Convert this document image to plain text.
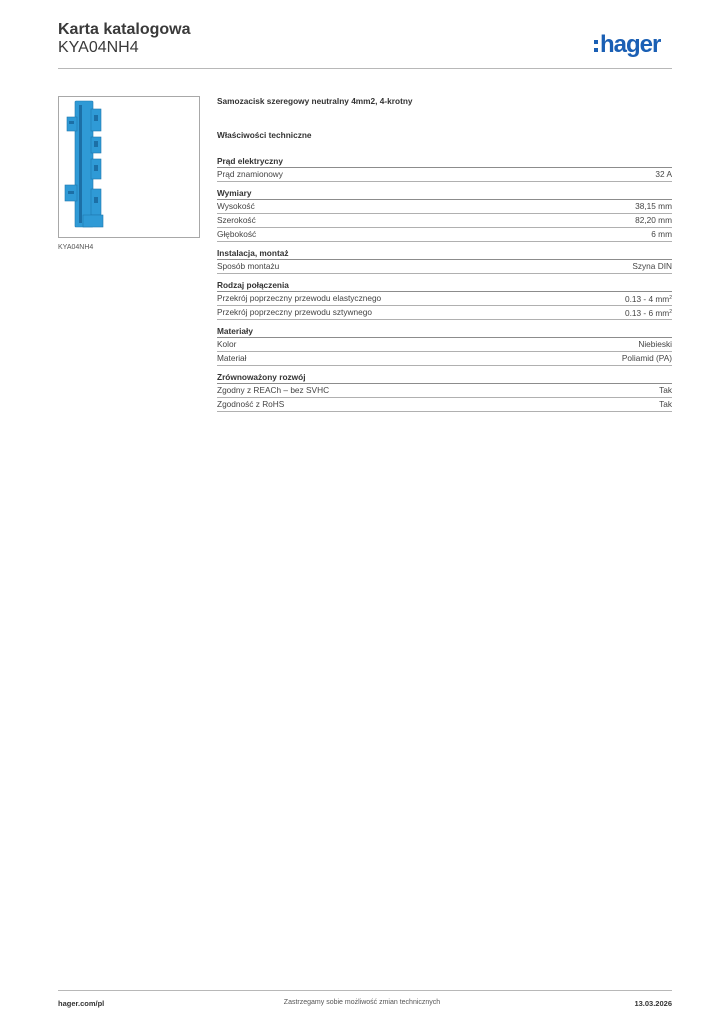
Karta katalogowa
KYA04NH4	hager
KYA04NH4
Samozacisk szeregowy neutralny 4mm2, 4-krotny
Właściwości techniczne
Prąd elektryczny
Prąd znamionowy	32 A
Wymiary
Wysokość	38,15 mm
Szerokość	82,20 mm
Głębokość	6 mm
Instalacja, montaż
Sposób montażu	Szyna DIN
Rodzaj połączenia
Przekrój poprzeczny przewodu elastycznego	0.13 - 4 $mm^2$
Przekrój poprzeczny przewodu sztywnego	0.13 - 6 $mm^2$
Materiały
Kolor	Niebieski
Materiał	Poliamid (PA)
Zrównoważony rozwój
Zgodny z REACh – bez SVHC	Tak
Zgodność z RoHS	Tak
hager.com/pl	Zastrzegamy sobie możliwość zmian technicznych	13.03.2026
